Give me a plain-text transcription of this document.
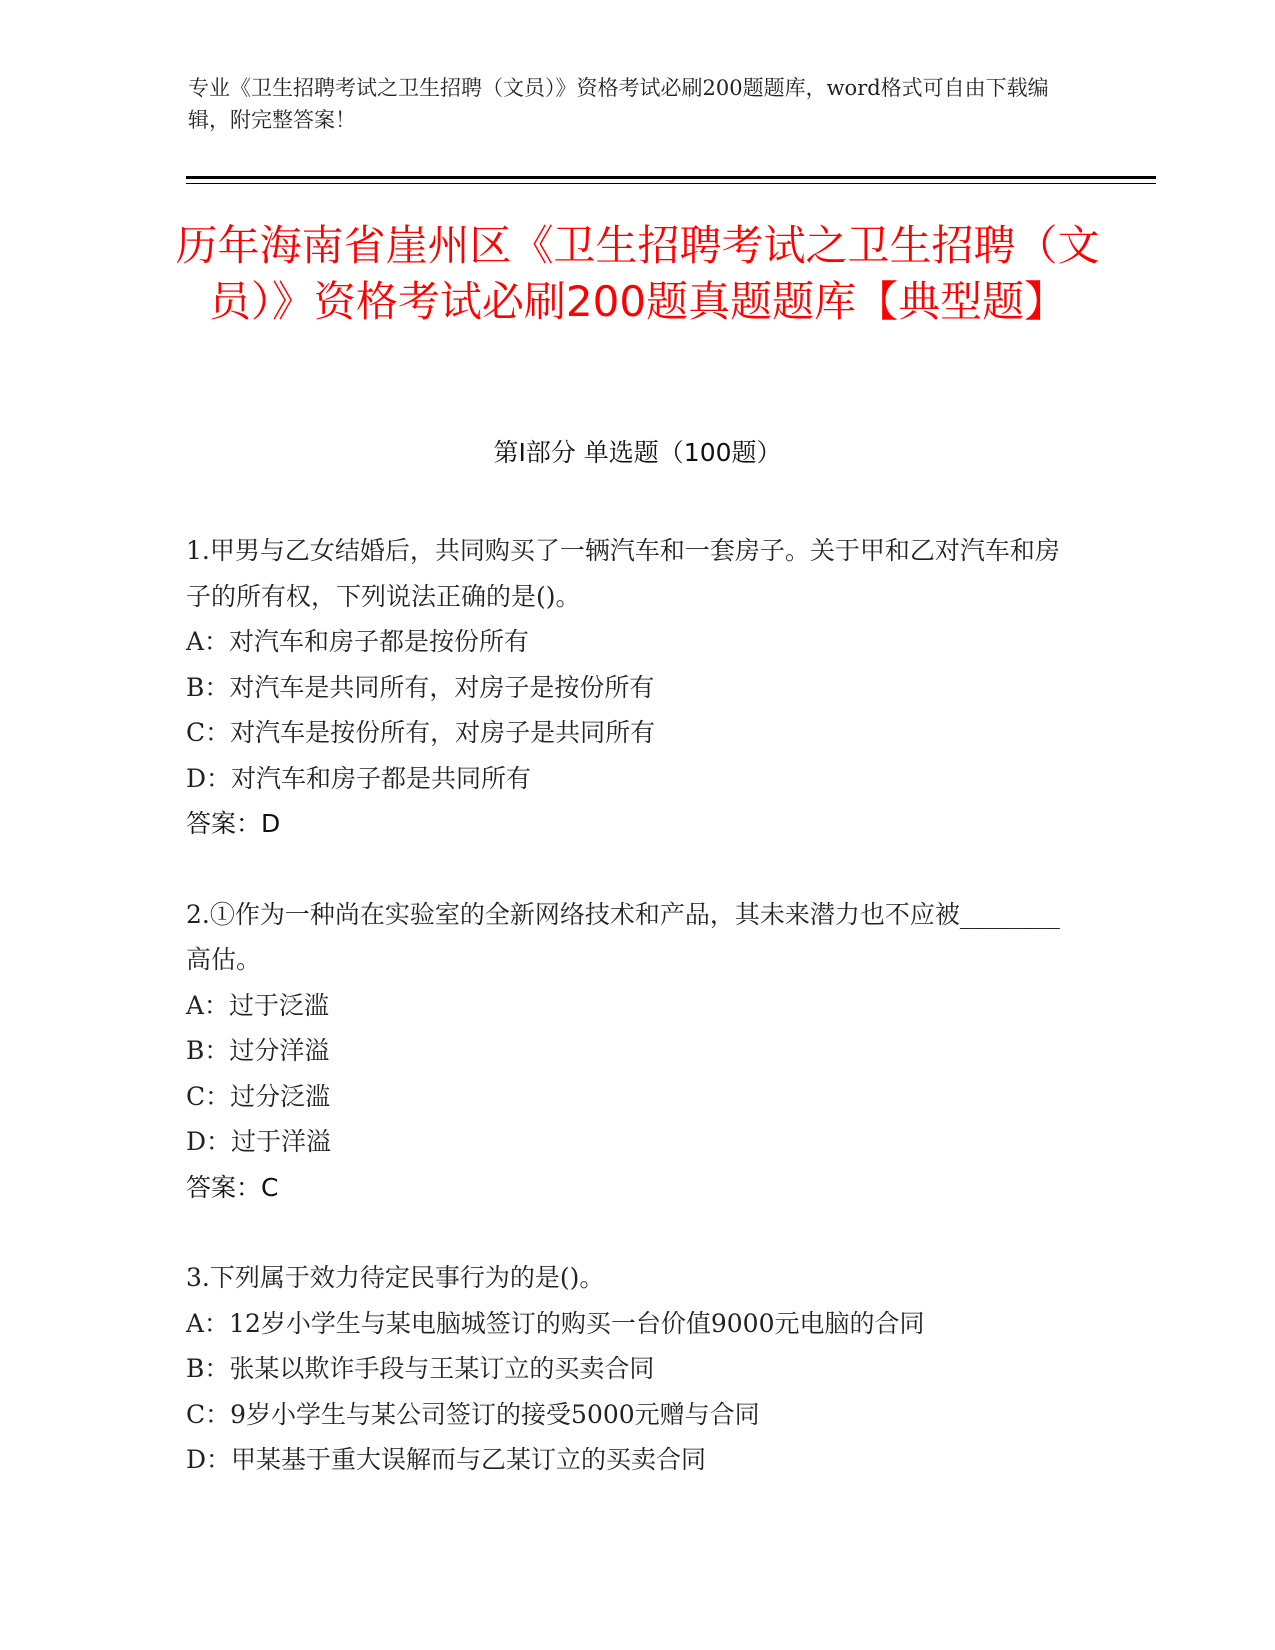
专业《卫生招聘考试之卫生招聘（文员）》资格考试必刷200题题库，word格式可自由下载编辑，附完整答案！
历年海南省崖州区《卫生招聘考试之卫生招聘（文员）》资格考试必刷200题真题题库【典型题】
第I部分 单选题（100题）

1.甲男与乙女结婚后，共同购买了一辆汽车和一套房子。关于甲和乙对汽车和房子的所有权，下列说法正确的是()。

A：对汽车和房子都是按份所有

B：对汽车是共同所有，对房子是按份所有

C：对汽车是按份所有，对房子是共同所有

D：对汽车和房子都是共同所有

答案：D

2.①作为一种尚在实验室的全新网络技术和产品，其未来潜力也不应被________高估。

A：过于泛滥

B：过分洋溢

C：过分泛滥

D：过于洋溢

答案：C

3.下列属于效力待定民事行为的是()。

A：12岁小学生与某电脑城签订的购买一台价值9000元电脑的合同

B：张某以欺诈手段与王某订立的买卖合同

C：9岁小学生与某公司签订的接受5000元赠与合同

D：甲某基于重大误解而与乙某订立的买卖合同
